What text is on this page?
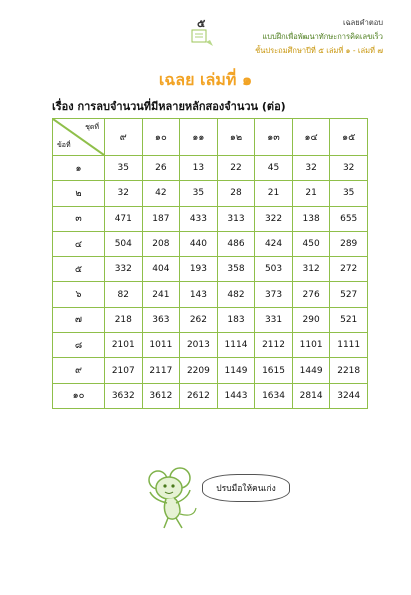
๕	เฉลยคำตอบ
แบบฝึกเพื่อพัฒนาทักษะการคิดเลขเร็ว
ชั้นประถมศึกษาปีที่ ๕ เล่มที่ ๑ - เล่มที่ ๗
เฉลย เล่มที่ ๑
เรื่อง การลบจำนวนที่มีหลายหลักสองจำนวน (ต่อ)
ชุดที่
ข้อที่	๙	๑๐	๑๑	๑๒	๑๓	๑๔	๑๕
๑	35	26	13	22	45	32	32
๒	32	42	35	28	21	21	35
๓	471	187	433	313	322	138	655
๔	504	208	440	486	424	450	289
๕	332	404	193	358	503	312	272
๖	82	241	143	482	373	276	527
๗	218	363	262	183	331	290	521
๘	2101	1011	2013	1114	2112	1101	1111
๙	2107	2117	2209	1149	1615	1449	2218
๑๐	3632	3612	2612	1443	1634	2814	3244
ปรบมือให้คนเก่ง
